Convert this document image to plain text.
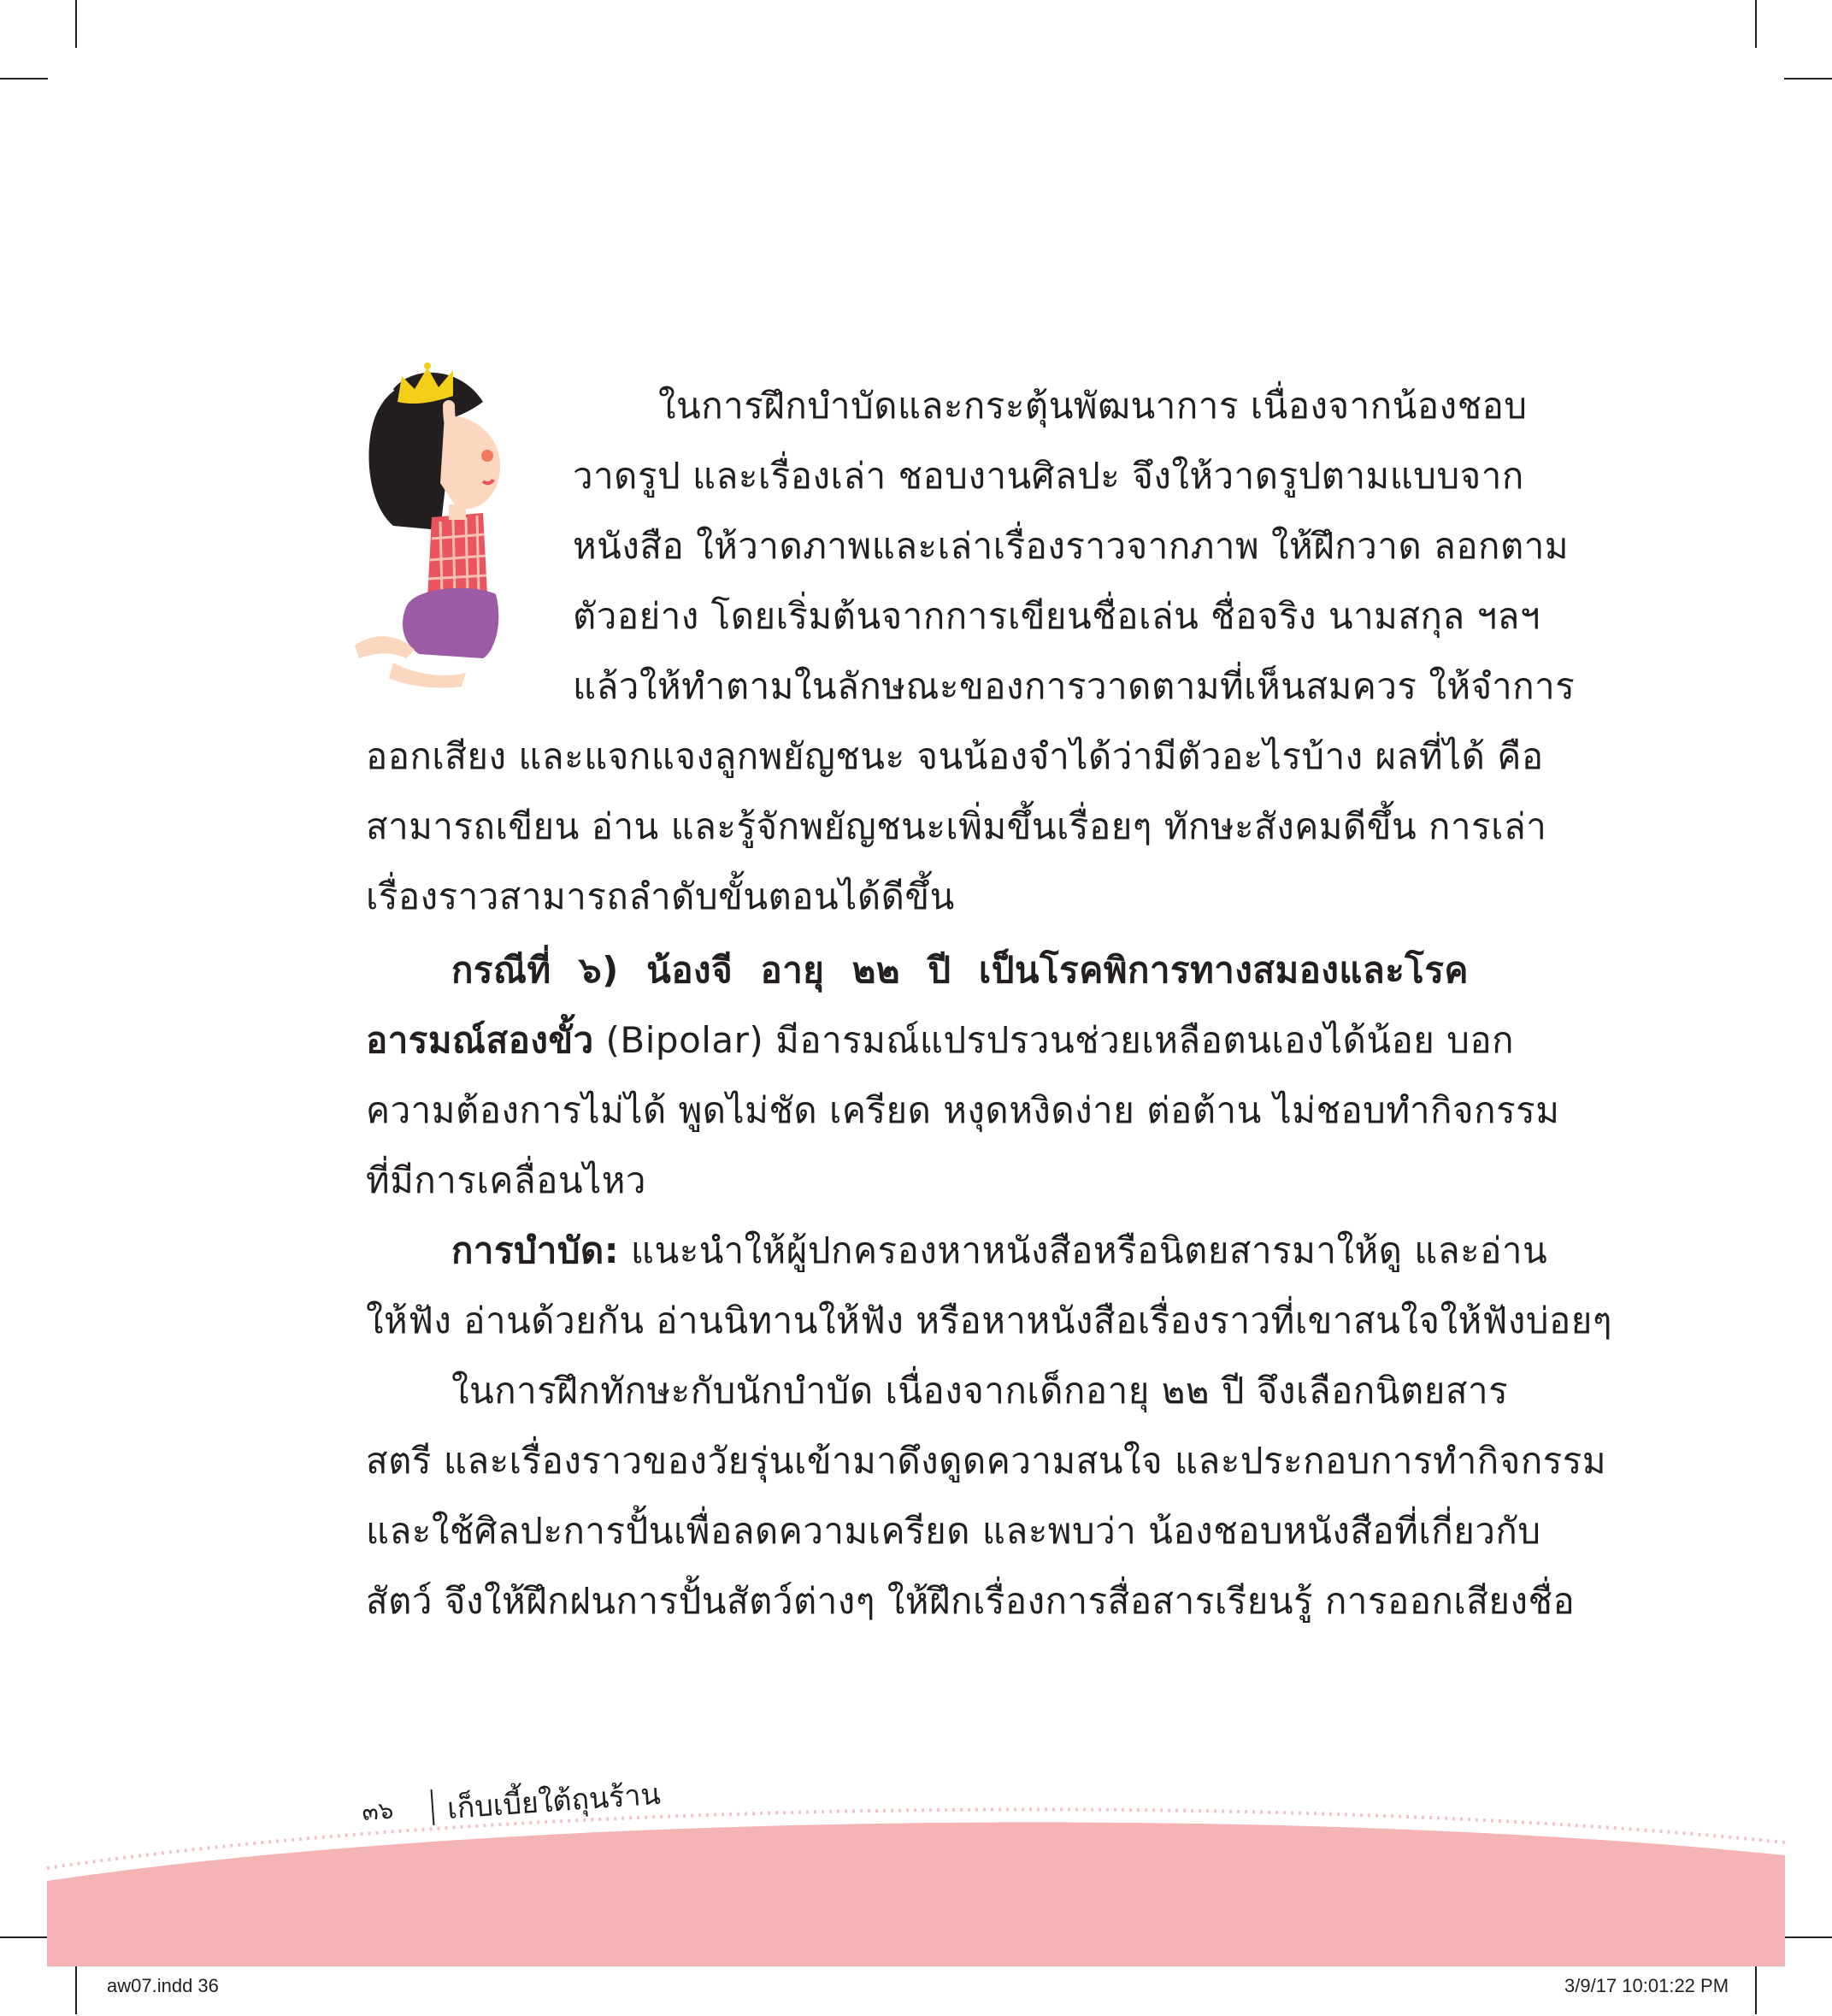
ในการฝึกบำบัดและกระตุ้นพัฒนาการ เนื่องจากน้องชอบ
วาดรูป และเรื่องเล่า ชอบงานศิลปะ จึงให้วาดรูปตามแบบจาก
หนังสือ ให้วาดภาพและเล่าเรื่องราวจากภาพ ให้ฝึกวาด ลอกตาม
ตัวอย่าง โดยเริ่มต้นจากการเขียนชื่อเล่น ชื่อจริง นามสกุล ฯลฯ
แล้วให้ทำตามในลักษณะของการวาดตามที่เห็นสมควร ให้จำการ
ออกเสียง และแจกแจงลูกพยัญชนะ จนน้องจำได้ว่ามีตัวอะไรบ้าง ผลที่ได้ คือ
สามารถเขียน อ่าน และรู้จักพยัญชนะเพิ่มขึ้นเรื่อยๆ ทักษะสังคมดีขึ้น การเล่า
เรื่องราวสามารถลำดับขั้นตอนได้ดีขึ้น
กรณีที่ ๖) น้องจี อายุ ๒๒ ปี เป็นโรคพิการทางสมองและโรค
อารมณ์สองขั้ว (Bipolar) มีอารมณ์แปรปรวนช่วยเหลือตนเองได้น้อย บอก
ความต้องการไม่ได้ พูดไม่ชัด เครียด หงุดหงิดง่าย ต่อต้าน ไม่ชอบทำกิจกรรม
ที่มีการเคลื่อนไหว
การบำบัด: แนะนำให้ผู้ปกครองหาหนังสือหรือนิตยสารมาให้ดู และอ่าน
ให้ฟัง อ่านด้วยกัน อ่านนิทานให้ฟัง หรือหาหนังสือเรื่องราวที่เขาสนใจให้ฟังบ่อยๆ
ในการฝึกทักษะกับนักบำบัด เนื่องจากเด็กอายุ ๒๒ ปี จึงเลือกนิตยสาร
สตรี และเรื่องราวของวัยรุ่นเข้ามาดึงดูดความสนใจ และประกอบการทำกิจกรรม
และใช้ศิลปะการปั้นเพื่อลดความเครียด และพบว่า น้องชอบหนังสือที่เกี่ยวกับ
สัตว์ จึงให้ฝึกฝนการปั้นสัตว์ต่างๆ ให้ฝึกเรื่องการสื่อสารเรียนรู้ การออกเสียงชื่อ
๓๖ เก็บเบี้ยใต้ถุนร้าน
aw07.indd 36	3/9/17 10:01:22 PM
